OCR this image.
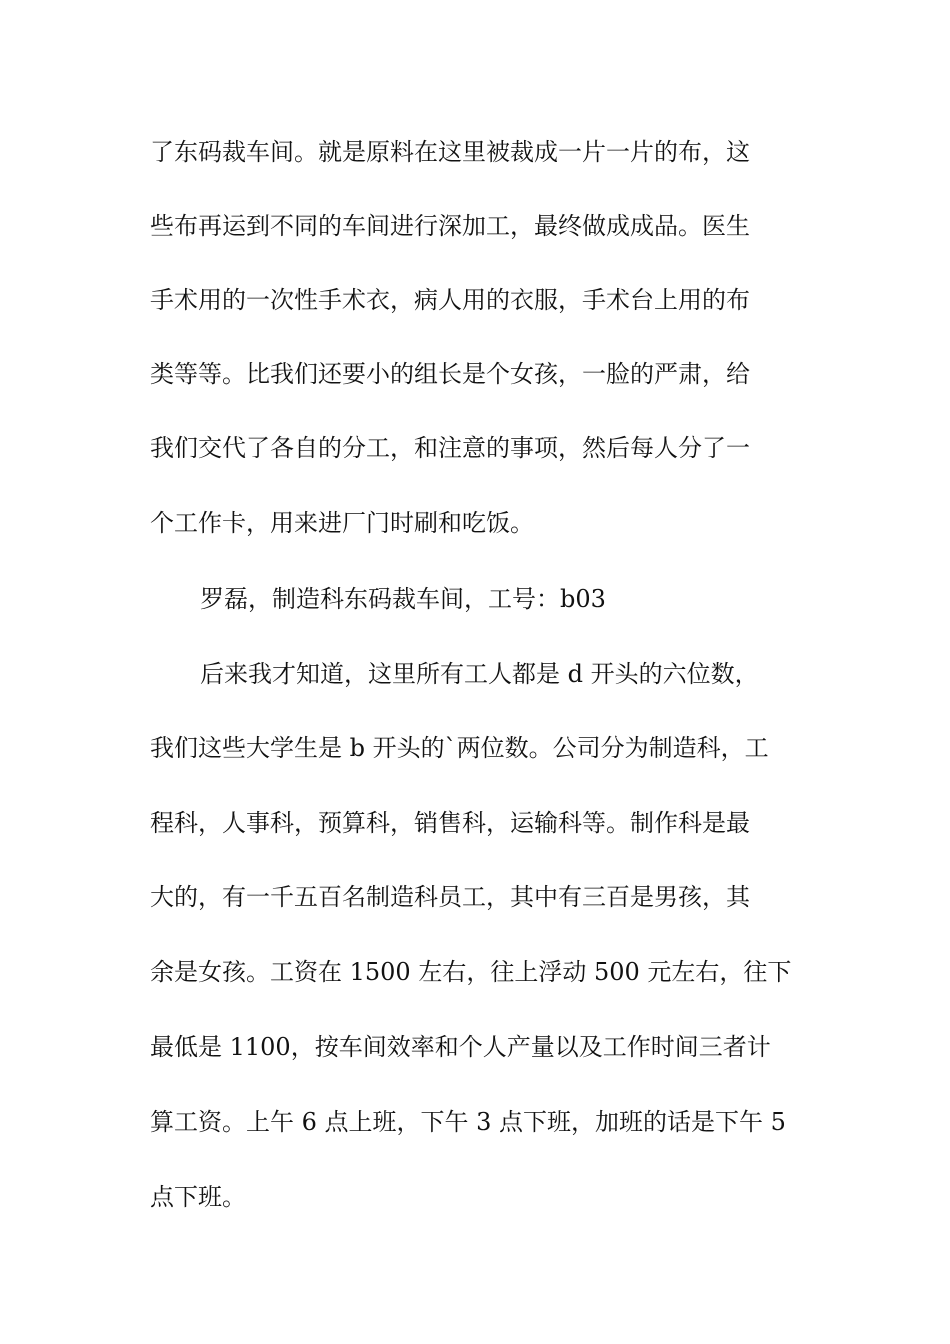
了东码裁车间。就是原料在这里被裁成一片一片的布，这
些布再运到不同的车间进行深加工，最终做成成品。医生
手术用的一次性手术衣，病人用的衣服，手术台上用的布
类等等。比我们还要小的组长是个女孩，一脸的严肃，给
我们交代了各自的分工，和注意的事项，然后每人分了一
个工作卡，用来进厂门时刷和吃饭。
罗磊，制造科东码裁车间，工号：b03
后来我才知道，这里所有工人都是 d 开头的六位数，
我们这些大学生是 b 开头的`两位数。公司分为制造科，工
程科，人事科，预算科，销售科，运输科等。制作科是最
大的，有一千五百名制造科员工，其中有三百是男孩，其
余是女孩。工资在 1500 左右，往上浮动 500 元左右，往下
最低是 1100，按车间效率和个人产量以及工作时间三者计
算工资。上午 6 点上班，下午 3 点下班，加班的话是下午 5
点下班。
